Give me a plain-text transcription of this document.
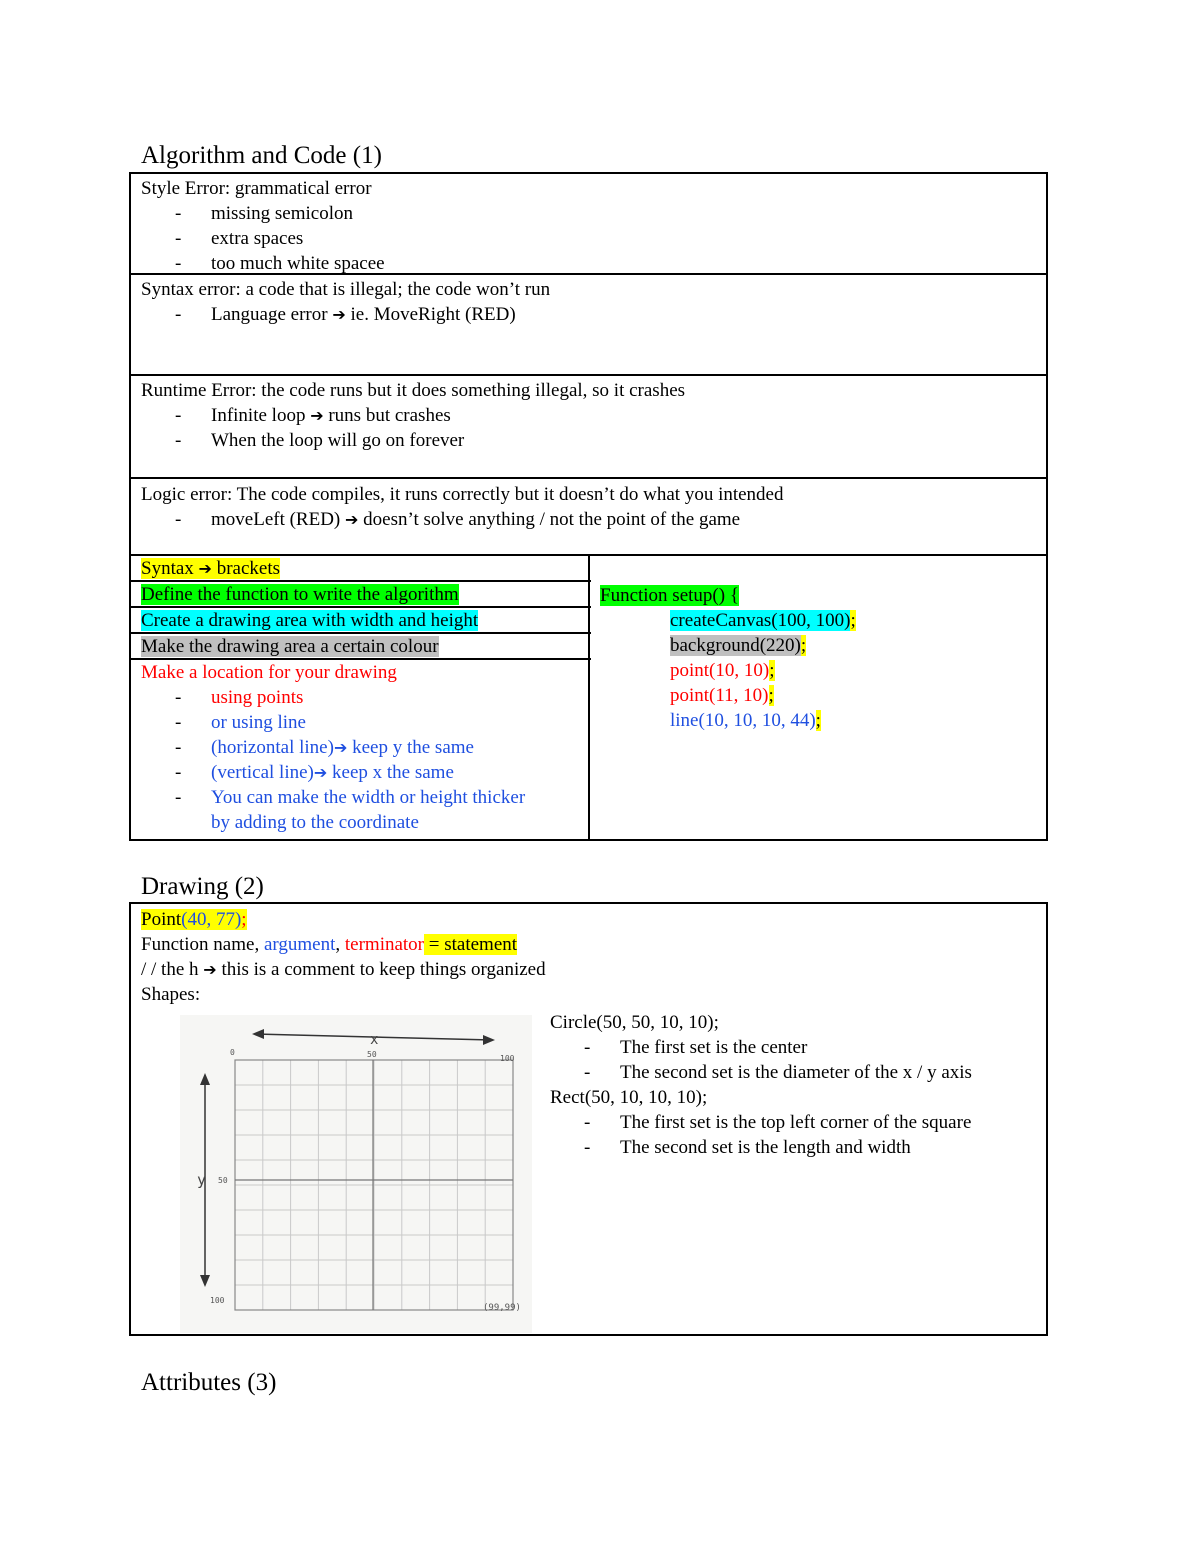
Algorithm and Code (1)
Style Error: grammatical error
- missing semicolon
- extra spaces
- too much white spacee
Syntax error: a code that is illegal; the code won’t run
- Language error ➔ ie. MoveRight (RED)
Runtime Error: the code runs but it does something illegal, so it crashes
- Infinite loop ➔ runs but crashes
- When the loop will go on forever
Logic error: The code compiles, it runs correctly but it doesn’t do what you intended
- moveLeft (RED) ➔ doesn’t solve anything / not the point of the game
Syntax ➔ brackets
Define the function to write the algorithm
Create a drawing area with width and height
Make the drawing area a certain colour
Make a location for your drawing
- using points
- or using line
- (horizontal line)➔ keep y the same
- (vertical line)➔ keep x the same
- You can make the width or height thicker
by adding to the coordinate
Function setup() {
createCanvas(100, 100);
background(220);
point(10, 10);
point(11, 10);
line(10, 10, 10, 44);
Drawing (2)
Point(40, 77);
Function name, argument, terminator = statement
/ / the h ➔ this is a comment to keep things organized
Shapes:
Circle(50, 50, 10, 10);
- The first set is the center
- The second set is the diameter of the x / y axis
Rect(50, 10, 10, 10);
- The first set is the top left corner of the square
- The second set is the length and width
x
y
0	50	100
50
100
(99,99)
Attributes (3)
